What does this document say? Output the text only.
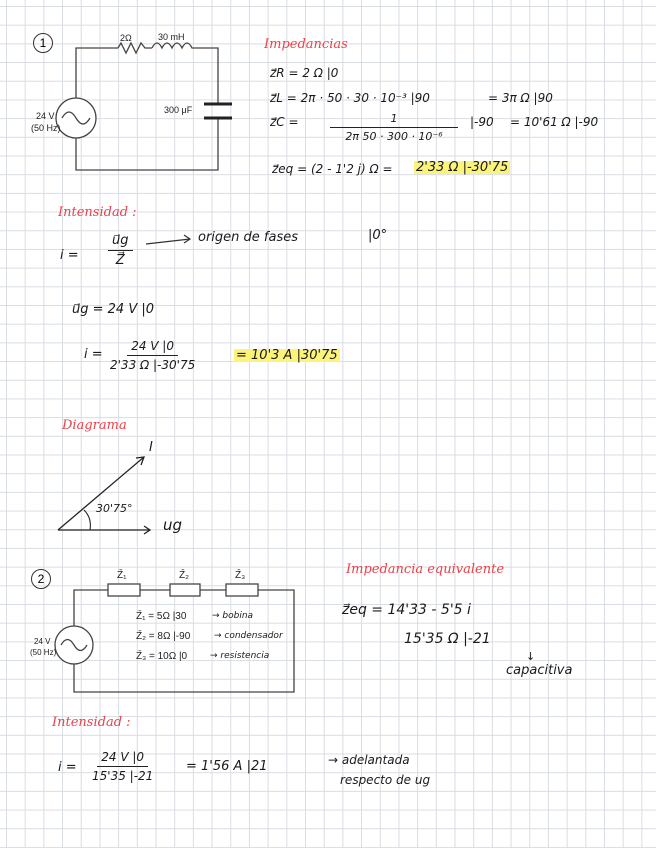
1	2Ω	30 mH
300 μF
24 V
(50 Hz)
Impedancias
z⃗R = 2 Ω |0
z⃗L = 2π · 50 · 30 · 10⁻³ |90	= 3π Ω |90
z⃗C =	$\frac{1}{\text{2π 50 · 300 · 10⁻⁶}} |-90 = 10'61$ Ω |-90
z⃗eq = (2 - 1'2 j) Ω = 2'33 Ω |-30'75
Intensidad :
$i = \frac{u⃗g}{Z⃗}$	origen de fases	|0°
u⃗g = 24 V |0
$i = \frac{24 V |0}{2'33 \Omega |-30'75}$	= 10'3 A |30'75
Diagrama
I
30'75°
ug
2	Z̄₁	Z̄₂	Z̄₃
24 V
(50 Hz)
Z̄₁ = 5Ω |30	→ bobina
Z̄₂ = 8Ω |-90	→ condensador
Z̄₃ = 10Ω |0	→ resistencia
Impedancia equivalente
z⃗eq = 14'33 - 5'5 i
15'35 Ω |-21
↓
capacitiva
Intensidad :
$i = \frac{24 V |0}{15'35 |-21}$	= 1'56 A |21	→ adelantada
respecto de ug
